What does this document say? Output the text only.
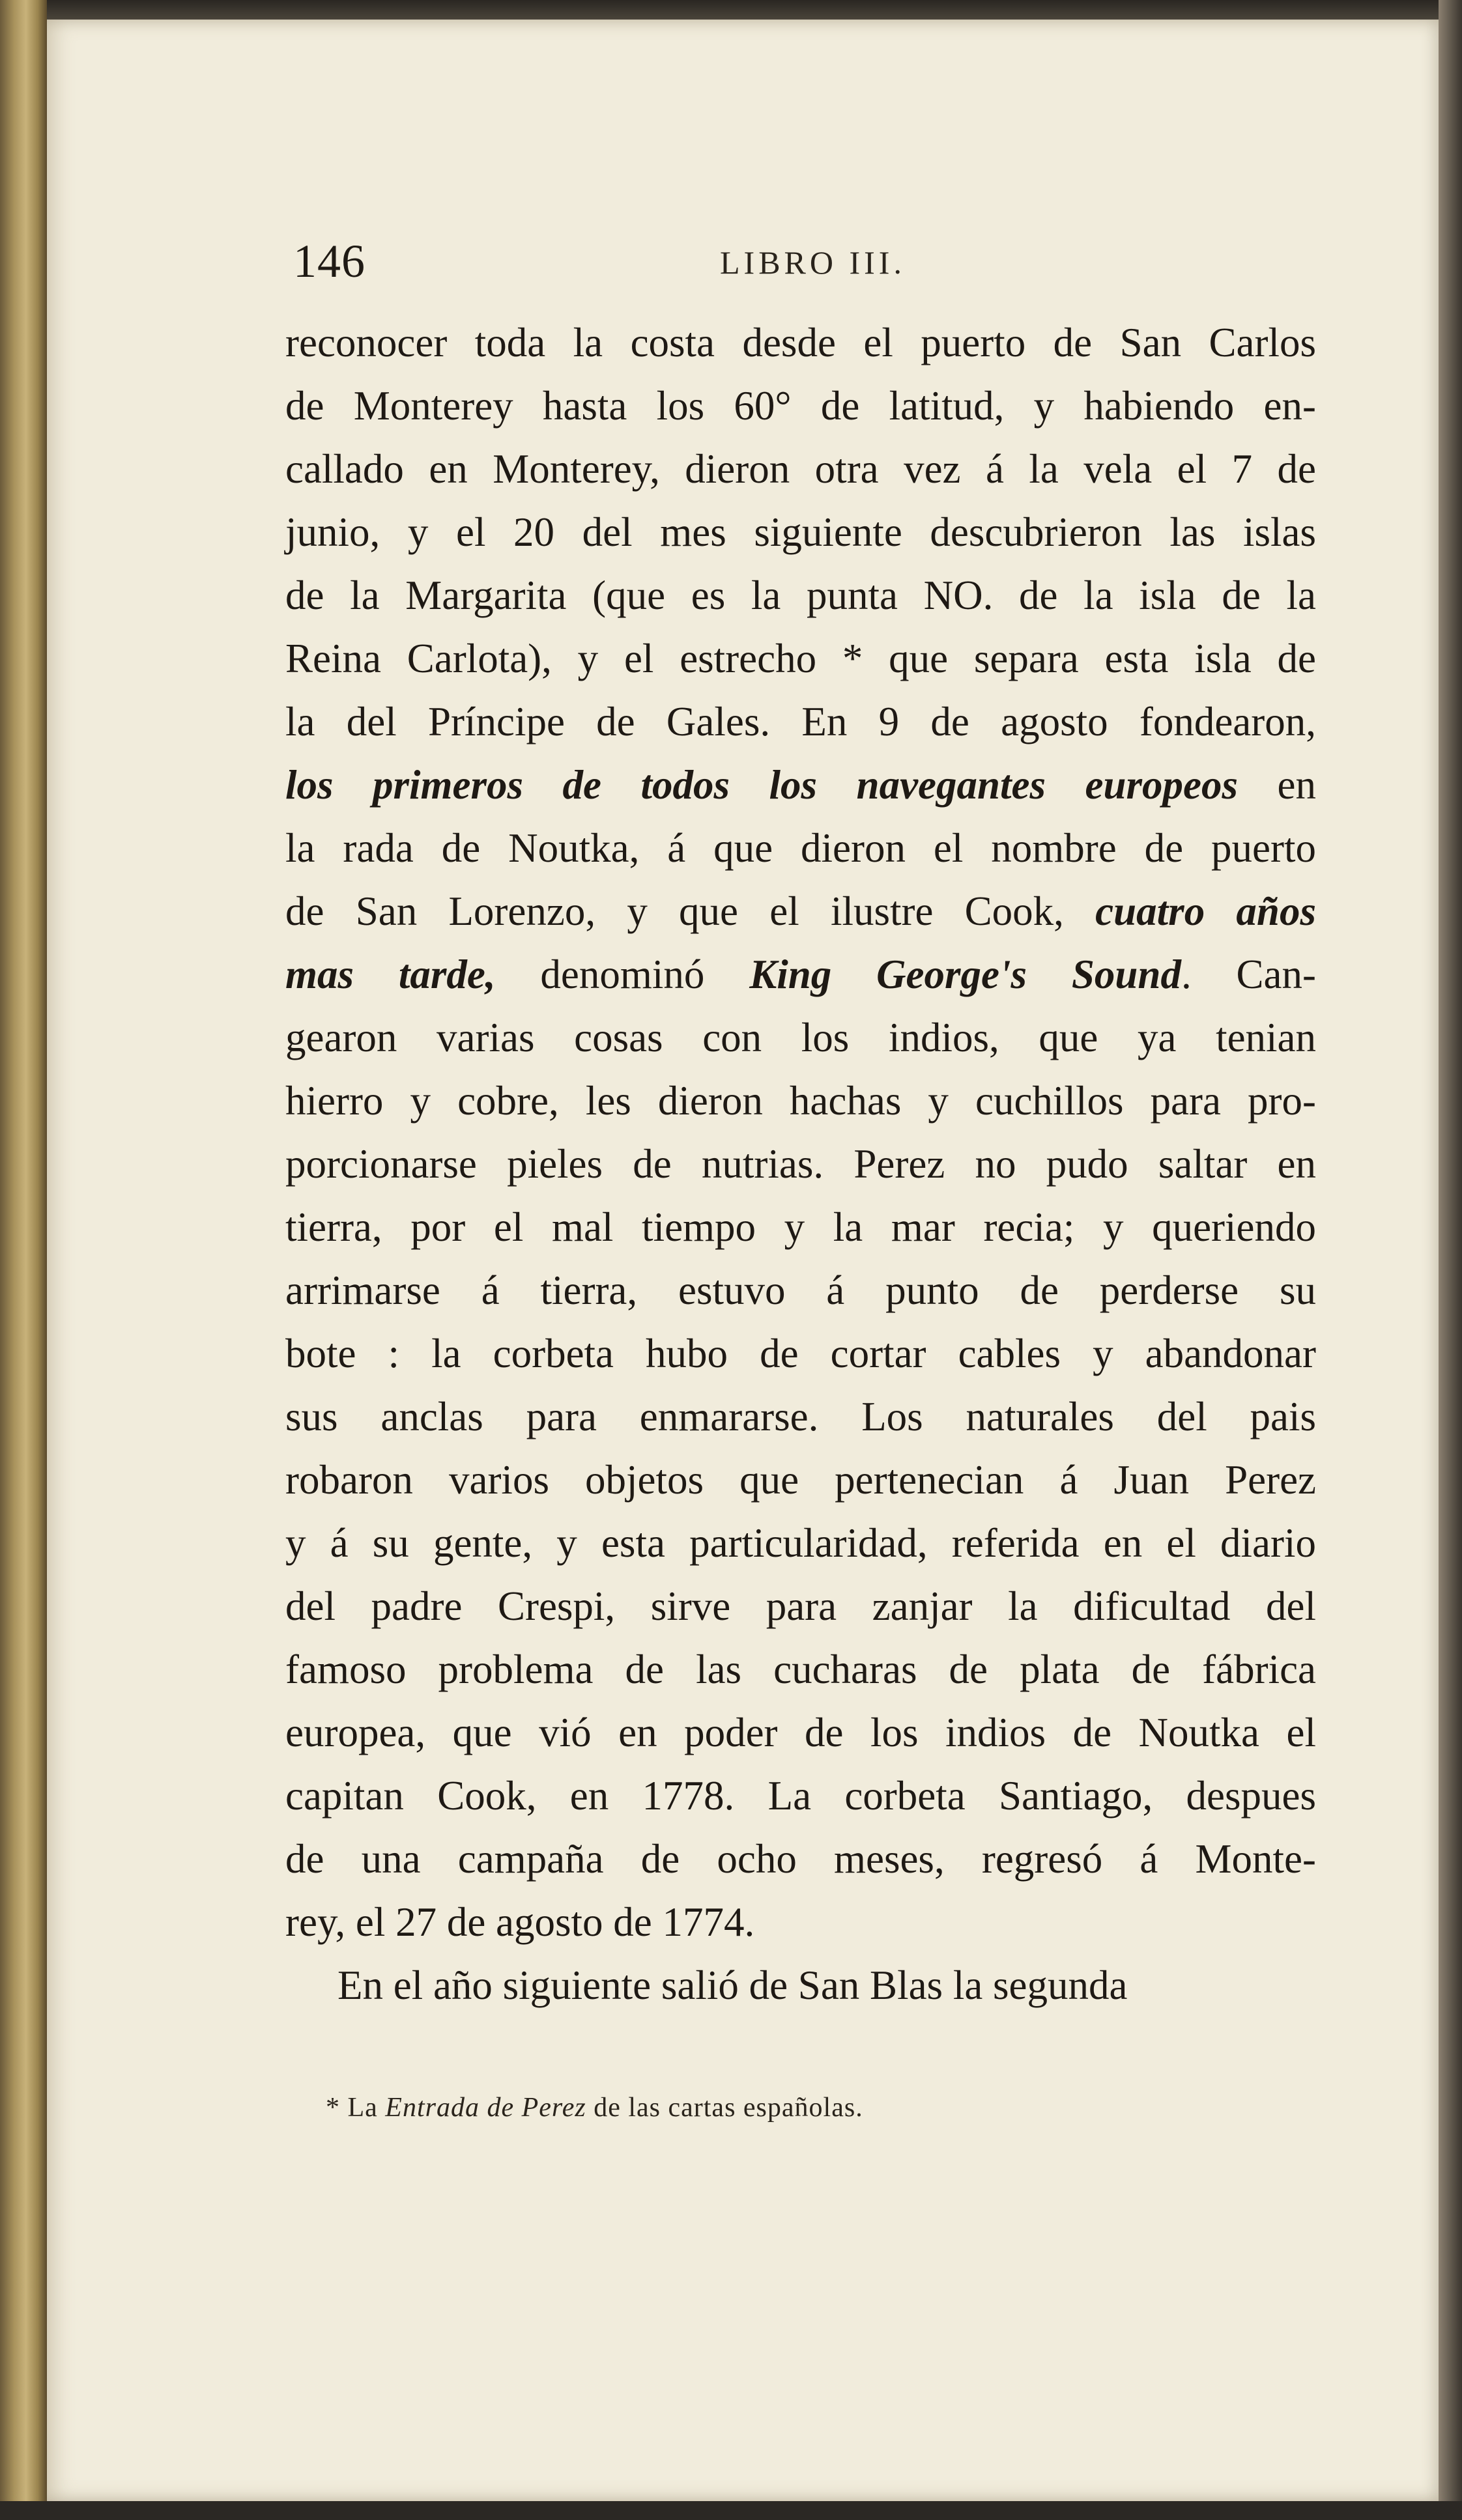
146	LIBRO III.
reconocer toda la costa desde el puerto de San Carlos
de Monterey hasta los 60° de latitud, y habiendo en-
callado en Monterey, dieron otra vez á la vela el 7 de
junio, y el 20 del mes siguiente descubrieron las islas
de la Margarita (que es la punta NO. de la isla de la
Reina Carlota), y el estrecho * que separa esta isla de
la del Príncipe de Gales. En 9 de agosto fondearon,
los primeros de todos los navegantes europeos en
la rada de Noutka, á que dieron el nombre de puerto
de San Lorenzo, y que el ilustre Cook, cuatro años
mas tarde, denominó King George's Sound. Can-
gearon varias cosas con los indios, que ya tenian
hierro y cobre, les dieron hachas y cuchillos para pro-
porcionarse pieles de nutrias. Perez no pudo saltar en
tierra, por el mal tiempo y la mar recia; y queriendo
arrimarse á tierra, estuvo á punto de perderse su
bote : la corbeta hubo de cortar cables y abandonar
sus anclas para enmararse. Los naturales del pais
robaron varios objetos que pertenecian á Juan Perez
y á su gente, y esta particularidad, referida en el diario
del padre Crespi, sirve para zanjar la dificultad del
famoso problema de las cucharas de plata de fábrica
europea, que vió en poder de los indios de Noutka el
capitan Cook, en 1778. La corbeta Santiago, despues
de una campaña de ocho meses, regresó á Monte-
rey, el 27 de agosto de 1774.
En el año siguiente salió de San Blas la segunda
* La Entrada de Perez de las cartas españolas.
